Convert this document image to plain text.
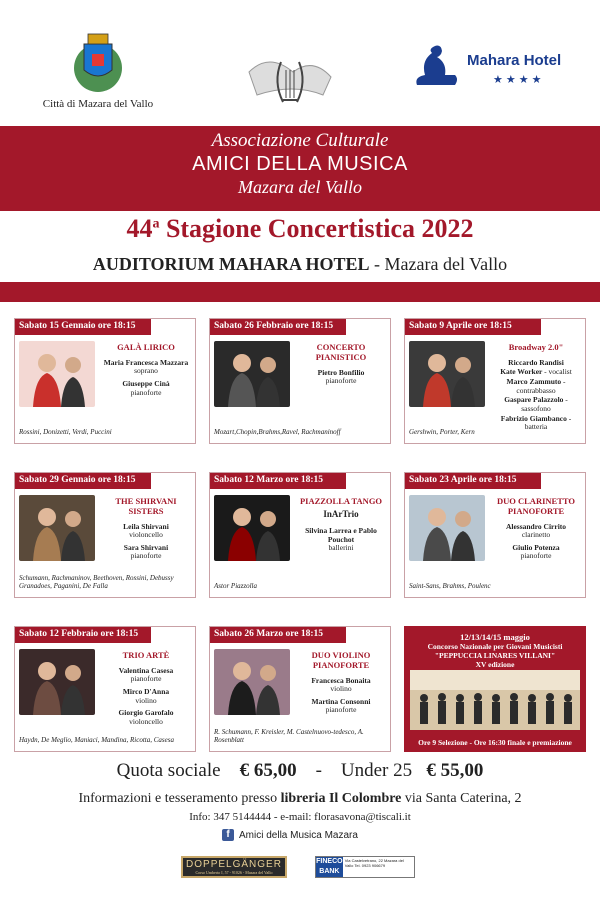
Città di Mazara del Vallo
Mahara Hotel
★★★★
Associazione Culturale
AMICI DELLA MUSICA
Mazara del Vallo
44$^a$ Stagione Concertistica 2022
AUDITORIUM MAHARA HOTEL - Mazara del Vallo
Sabato 15 Gennaio ore 18:15
GALÀ LIRICO
Maria Francesca Mazzara
soprano
Giuseppe Cinà
pianoforte
Rossini, Donizetti, Verdi, Puccini
Sabato 26 Febbraio ore 18:15
CONCERTO PIANISTICO
Pietro Bonfilio
pianoforte
Mozart,Chopin,Brahms,Ravel, Rachmaninoff
Sabato 9 Aprile ore 18:15
Broadway 2.0"
Riccardo Randisi
Kate Worker - vocalist
Marco Zammuto - contrabbasso
Gaspare Palazzolo - sassofono
Fabrizio Giambanco - batteria
Gershwin, Porter, Kern
Sabato 29 Gennaio ore 18:15
THE SHIRVANI SISTERS
Leila Shirvani
violoncello
Sara Shirvani
pianoforte
Schumann, Rachmaninov, Beethoven, Rossini, Debussy Granadoes, Paganini, De Falla
Sabato 12 Marzo ore 18:15
PIAZZOLLA TANGO
InArTrio
Silvina Larrea e Pablo Pouchot
ballerini
Astor Piazzolla
Sabato 23 Aprile ore 18:15
DUO CLARINETTO PIANOFORTE
Alessandro Cirrito
clarinetto
Giulio Potenza
pianoforte
Saint-Sans, Brahms, Poulenc
Sabato 12 Febbraio ore 18:15
TRIO ARTÈ
Valentina Casesa
pianoforte
Mirco D'Anna
violino
Giorgio Garofalo
violoncello
Haydn, De Meglio, Maniaci, Mandina, Ricotta, Casesa
Sabato 26 Marzo ore 18:15
DUO VIOLINO PIANOFORTE
Francesca Bonaita
violino
Martina Consonni
pianoforte
R. Schumann, F. Kreisler, M. Castelnuovo-tedesco, A. Rosenblatt
12/13/14/15 maggio
Concorso Nazionale per Giovani Musicisti
"PEPPUCCIA LINARES VILLANI"
XV edizione
Ore 9 Selezione - Ore 16:30 finale e premiazione
Quota sociale € 65,00 - Under 25 € 55,00
Informazioni e tesseramento presso libreria Il Colombre via Santa Caterina, 2
Info: 347 5144444 - e-mail: florasavona@tiscali.it
f Amici della Musica Mazara
DOPPELGÄNGER
Corso Umberto I, 57 - 91026 - Mazara del Vallo
FINECO
BANK
Via Castelvetrano, 22 Mazara del Vallo Tel. 0923 906679
